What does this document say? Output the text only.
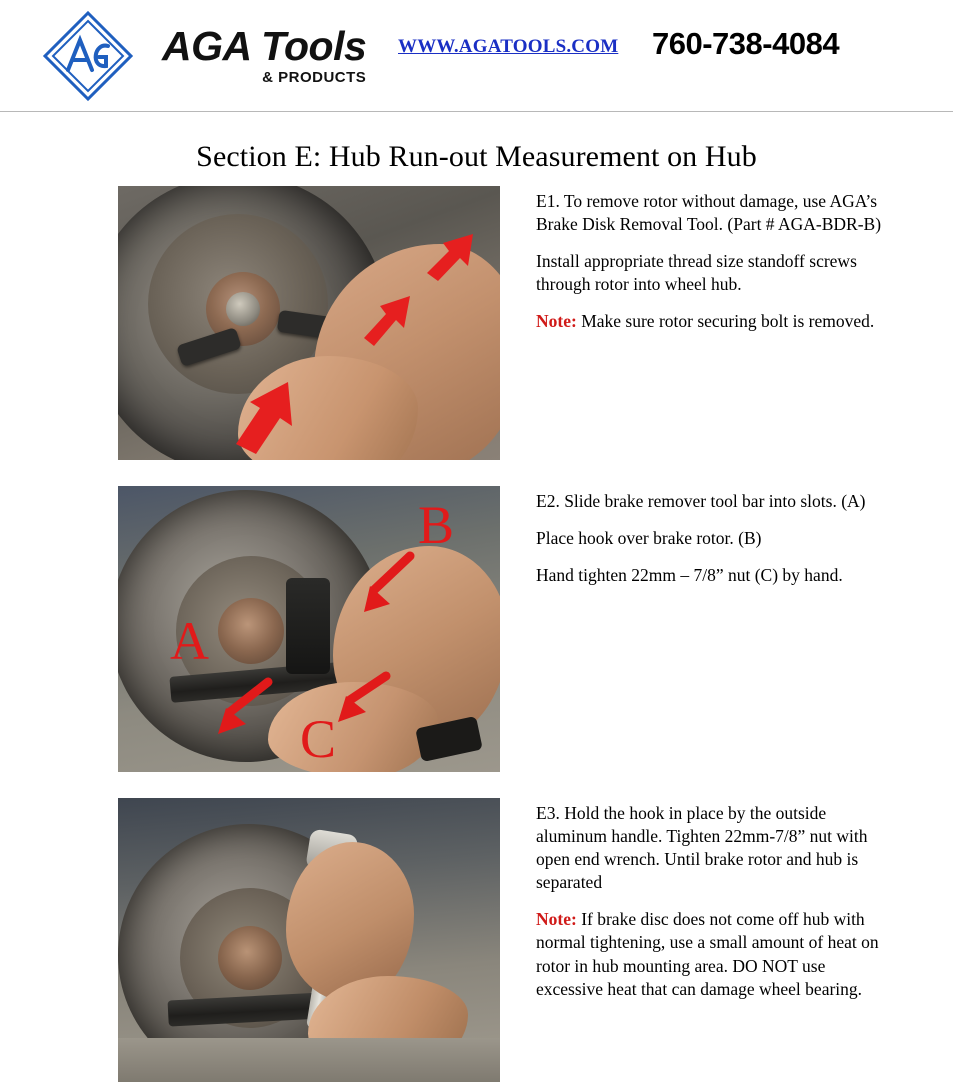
AGA Tools
& PRODUCTS
WWW.AGATOOLS.COM 760-738-4084
Section E: Hub Run-out Measurement on Hub

E1. To remove rotor without damage, use AGA’s Brake Disk Removal Tool. (Part # AGA-BDR-B)

Install appropriate thread size standoff screws through rotor into wheel hub.

Note: Make sure rotor securing bolt is removed.

B
A
C

E2. Slide brake remover tool bar into slots. (A)

Place hook over brake rotor. (B)

Hand tighten 22mm – 7/8” nut (C) by hand.

E3. Hold the hook in place by the outside aluminum handle. Tighten 22mm-7/8” nut with open end wrench. Until brake rotor and hub is separated

Note: If brake disc does not come off hub with normal tightening, use a small amount of heat on rotor in hub mounting area. DO NOT use excessive heat that can damage wheel bearing.
